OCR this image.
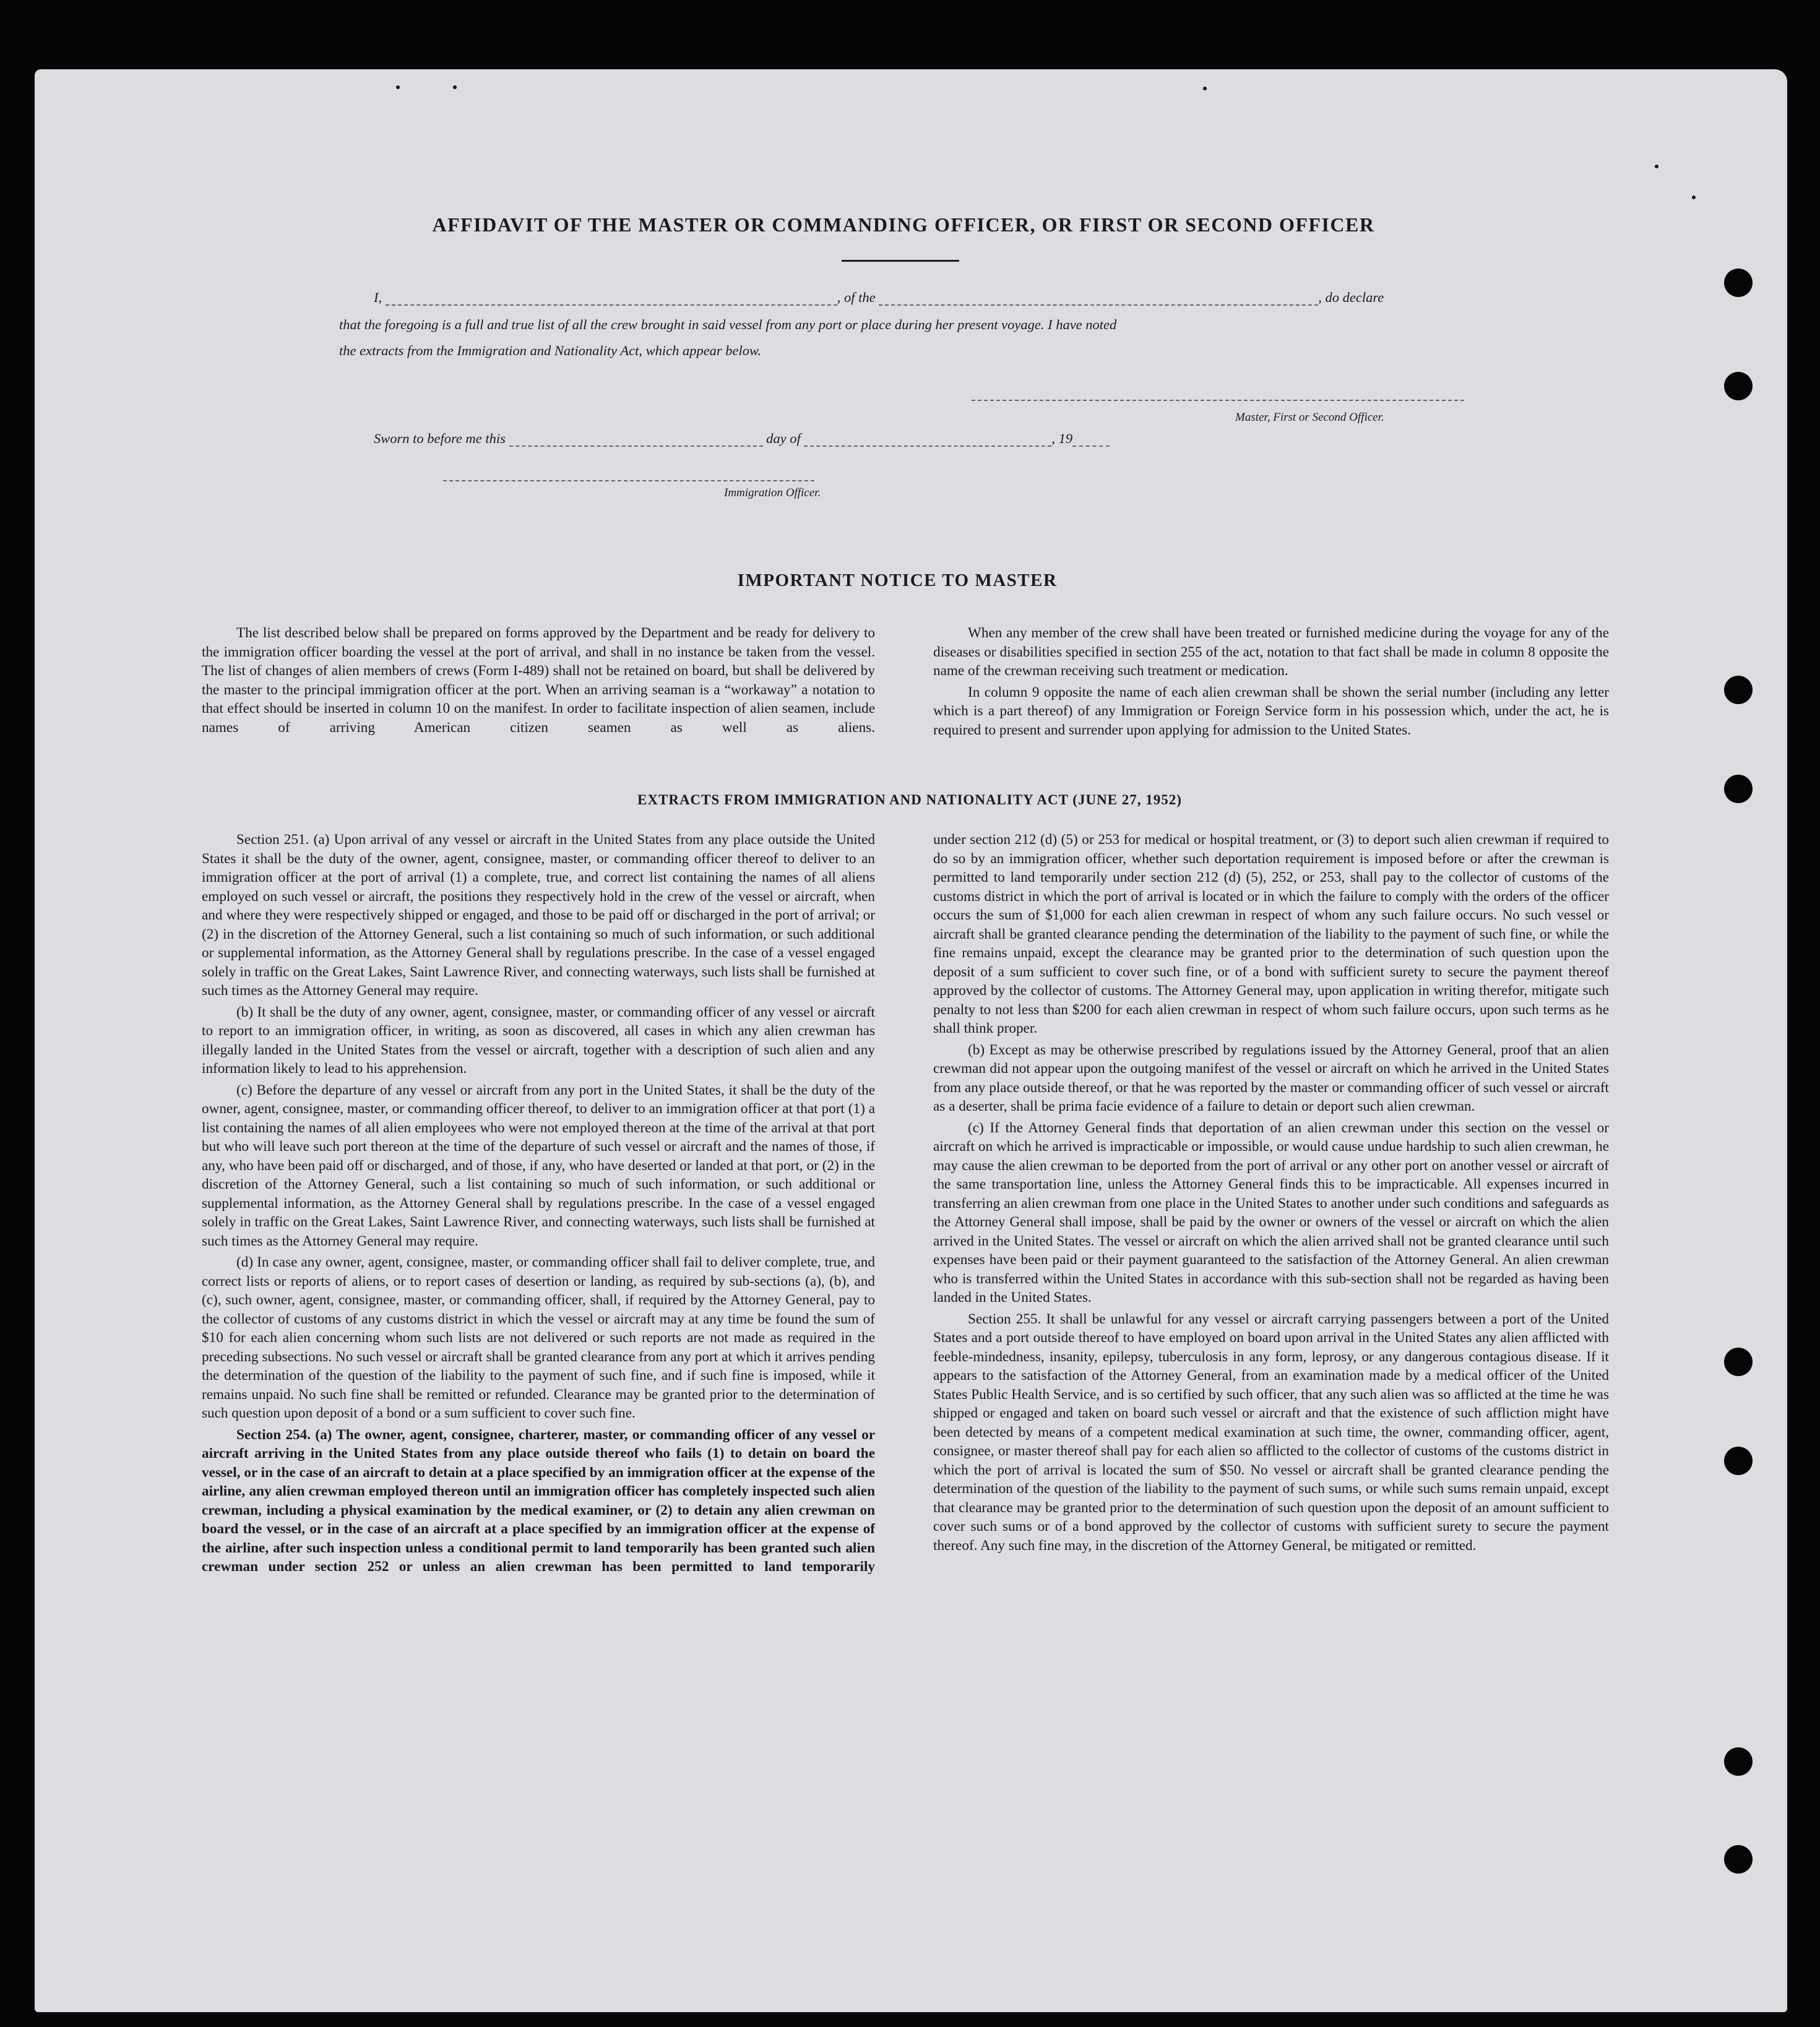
AFFIDAVIT OF THE MASTER OR COMMANDING OFFICER, OR FIRST OR SECOND OFFICER
I,	, of the	, do declare
that the foregoing is a full and true list of all the crew brought in said vessel from any port or place during her present voyage. I have noted
the extracts from the Immigration and Nationality Act, which appear below.
Master, First or Second Officer.
Sworn to before me this	day of	, 19
Immigration Officer.
IMPORTANT NOTICE TO MASTER

The list described below shall be prepared on forms approved by the Department and be ready for delivery to the immigration officer boarding the vessel at the port of arrival, and shall in no instance be taken from the vessel. The list of changes of alien members of crews (Form I-489) shall not be retained on board, but shall be delivered by the master to the principal immigration officer at the port. When an arriving seaman is a “workaway” a notation to that effect should be inserted in column 10 on the manifest. In order to facilitate inspection of alien seamen, include names of arriving American citizen seamen as well as aliens.

When any member of the crew shall have been treated or furnished medicine during the voyage for any of the diseases or disabilities specified in section 255 of the act, notation to that fact shall be made in column 8 opposite the name of the crewman receiving such treatment or medication.

In column 9 opposite the name of each alien crewman shall be shown the serial number (including any letter which is a part thereof) of any Immigration or Foreign Service form in his possession which, under the act, he is required to present and surrender upon applying for admission to the United States.

EXTRACTS FROM IMMIGRATION AND NATIONALITY ACT (JUNE 27, 1952)

Section 251. (a) Upon arrival of any vessel or aircraft in the United States from any place outside the United States it shall be the duty of the owner, agent, consignee, master, or commanding officer thereof to deliver to an immigration officer at the port of arrival (1) a complete, true, and correct list containing the names of all aliens employed on such vessel or aircraft, the positions they respectively hold in the crew of the vessel or aircraft, when and where they were respectively shipped or engaged, and those to be paid off or discharged in the port of arrival; or (2) in the discretion of the Attorney General, such a list containing so much of such information, or such additional or supplemental information, as the Attorney General shall by regulations prescribe. In the case of a vessel engaged solely in traffic on the Great Lakes, Saint Lawrence River, and connecting waterways, such lists shall be furnished at such times as the Attorney General may require.

(b) It shall be the duty of any owner, agent, consignee, master, or commanding officer of any vessel or aircraft to report to an immigration officer, in writing, as soon as discovered, all cases in which any alien crewman has illegally landed in the United States from the vessel or aircraft, together with a description of such alien and any information likely to lead to his apprehension.

(c) Before the departure of any vessel or aircraft from any port in the United States, it shall be the duty of the owner, agent, consignee, master, or commanding officer thereof, to deliver to an immigration officer at that port (1) a list containing the names of all alien employees who were not employed thereon at the time of the arrival at that port but who will leave such port thereon at the time of the departure of such vessel or aircraft and the names of those, if any, who have been paid off or discharged, and of those, if any, who have deserted or landed at that port, or (2) in the discretion of the Attorney General, such a list containing so much of such information, or such additional or supplemental information, as the Attorney General shall by regulations prescribe. In the case of a vessel engaged solely in traffic on the Great Lakes, Saint Lawrence River, and connecting waterways, such lists shall be furnished at such times as the Attorney General may require.

(d) In case any owner, agent, consignee, master, or commanding officer shall fail to deliver complete, true, and correct lists or reports of aliens, or to report cases of desertion or landing, as required by sub-sections (a), (b), and (c), such owner, agent, consignee, master, or commanding officer, shall, if required by the Attorney General, pay to the collector of customs of any customs district in which the vessel or aircraft may at any time be found the sum of $10 for each alien concerning whom such lists are not delivered or such reports are not made as required in the preceding subsections. No such vessel or aircraft shall be granted clearance from any port at which it arrives pending the determination of the question of the liability to the payment of such fine, and if such fine is imposed, while it remains unpaid. No such fine shall be remitted or refunded. Clearance may be granted prior to the determination of such question upon deposit of a bond or a sum sufficient to cover such fine.

Section 254. (a) The owner, agent, consignee, charterer, master, or commanding officer of any vessel or aircraft arriving in the United States from any place outside thereof who fails (1) to detain on board the vessel, or in the case of an aircraft to detain at a place specified by an immigration officer at the expense of the airline, any alien crewman employed thereon until an immigration officer has completely inspected such alien crewman, including a physical examination by the medical examiner, or (2) to detain any alien crewman on board the vessel, or in the case of an aircraft at a place specified by an immigration officer at the expense of the airline, after such inspection unless a conditional permit to land temporarily has been granted such alien crewman under section 252 or unless an alien crewman has been permitted to land temporarily

under section 212 (d) (5) or 253 for medical or hospital treatment, or (3) to deport such alien crewman if required to do so by an immigration officer, whether such deportation requirement is imposed before or after the crewman is permitted to land temporarily under section 212 (d) (5), 252, or 253, shall pay to the collector of customs of the customs district in which the port of arrival is located or in which the failure to comply with the orders of the officer occurs the sum of $1,000 for each alien crewman in respect of whom any such failure occurs. No such vessel or aircraft shall be granted clearance pending the determination of the liability to the payment of such fine, or while the fine remains unpaid, except the clearance may be granted prior to the determination of such question upon the deposit of a sum sufficient to cover such fine, or of a bond with sufficient surety to secure the payment thereof approved by the collector of customs. The Attorney General may, upon application in writing therefor, mitigate such penalty to not less than $200 for each alien crewman in respect of whom such failure occurs, upon such terms as he shall think proper.

(b) Except as may be otherwise prescribed by regulations issued by the Attorney General, proof that an alien crewman did not appear upon the outgoing manifest of the vessel or aircraft on which he arrived in the United States from any place outside thereof, or that he was reported by the master or commanding officer of such vessel or aircraft as a deserter, shall be prima facie evidence of a failure to detain or deport such alien crewman.

(c) If the Attorney General finds that deportation of an alien crewman under this section on the vessel or aircraft on which he arrived is impracticable or impossible, or would cause undue hardship to such alien crewman, he may cause the alien crewman to be deported from the port of arrival or any other port on another vessel or aircraft of the same transportation line, unless the Attorney General finds this to be impracticable. All expenses incurred in transferring an alien crewman from one place in the United States to another under such conditions and safeguards as the Attorney General shall impose, shall be paid by the owner or owners of the vessel or aircraft on which the alien arrived in the United States. The vessel or aircraft on which the alien arrived shall not be granted clearance until such expenses have been paid or their payment guaranteed to the satisfaction of the Attorney General. An alien crewman who is transferred within the United States in accordance with this sub-section shall not be regarded as having been landed in the United States.

Section 255. It shall be unlawful for any vessel or aircraft carrying passengers between a port of the United States and a port outside thereof to have employed on board upon arrival in the United States any alien afflicted with feeble-mindedness, insanity, epilepsy, tuberculosis in any form, leprosy, or any dangerous contagious disease. If it appears to the satisfaction of the Attorney General, from an examination made by a medical officer of the United States Public Health Service, and is so certified by such officer, that any such alien was so afflicted at the time he was shipped or engaged and taken on board such vessel or aircraft and that the existence of such affliction might have been detected by means of a competent medical examination at such time, the owner, commanding officer, agent, consignee, or master thereof shall pay for each alien so afflicted to the collector of customs of the customs district in which the port of arrival is located the sum of $50. No vessel or aircraft shall be granted clearance pending the determination of the question of the liability to the payment of such sums, or while such sums remain unpaid, except that clearance may be granted prior to the determination of such question upon the deposit of an amount sufficient to cover such sums or of a bond approved by the collector of customs with sufficient surety to secure the payment thereof. Any such fine may, in the discretion of the Attorney General, be mitigated or remitted.
